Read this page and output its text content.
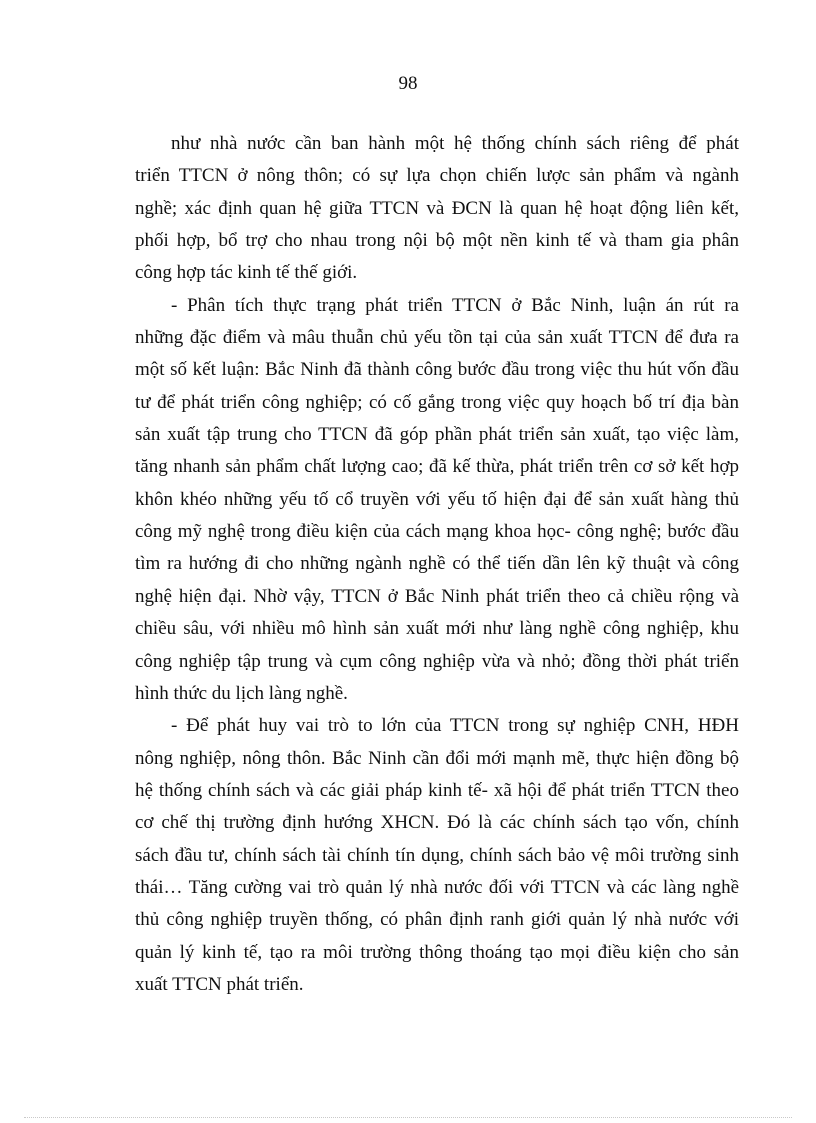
98
như nhà nước cần ban hành một hệ thống chính sách riêng để phát
triển TTCN ở nông thôn; có sự lựa chọn chiến lược sản phẩm và ngành
nghề; xác định quan hệ giữa TTCN và ĐCN là quan hệ hoạt động liên kết,
phối hợp, bổ trợ cho nhau trong nội bộ một nền kinh tế và tham gia phân
công hợp tác kinh tế thế giới.
- Phân tích thực trạng phát triển TTCN ở Bắc Ninh, luận án rút ra
những đặc điểm và mâu thuẫn chủ yếu tồn tại của sản xuất TTCN để đưa ra
một số kết luận: Bắc Ninh đã thành công bước đầu trong việc thu hút vốn đầu
tư để phát triển công nghiệp; có cố gắng trong việc quy hoạch bố trí địa bàn
sản xuất tập trung cho TTCN đã góp phần phát triển sản xuất, tạo việc làm,
tăng nhanh sản phẩm chất lượng cao; đã kế thừa, phát triển trên cơ sở kết hợp
khôn khéo những yếu tố cổ truyền với yếu tố hiện đại để sản xuất hàng thủ
công mỹ nghệ trong điều kiện của cách mạng khoa học- công nghệ; bước đầu
tìm ra hướng đi cho những ngành nghề có thể tiến dần lên kỹ thuật và công
nghệ hiện đại. Nhờ vậy, TTCN ở Bắc Ninh phát triển theo cả chiều rộng và
chiều sâu, với nhiều mô hình sản xuất mới như làng nghề công nghiệp, khu
công nghiệp tập trung và cụm công nghiệp vừa và nhỏ; đồng thời phát triển
hình thức du lịch làng nghề.
- Để phát huy vai trò to lớn của TTCN trong sự nghiệp CNH, HĐH
nông nghiệp, nông thôn. Bắc Ninh cần đổi mới mạnh mẽ, thực hiện đồng bộ
hệ thống chính sách và các giải pháp kinh tế- xã hội để phát triển TTCN theo
cơ chế thị trường định hướng XHCN. Đó là các chính sách tạo vốn, chính
sách đầu tư, chính sách tài chính tín dụng, chính sách bảo vệ môi trường sinh
thái… Tăng cường vai trò quản lý nhà nước đối với TTCN và các làng nghề
thủ công nghiệp truyền thống, có phân định ranh giới quản lý nhà nước với
quản lý kinh tế, tạo ra môi trường thông thoáng tạo mọi điều kiện cho sản
xuất TTCN phát triển.
